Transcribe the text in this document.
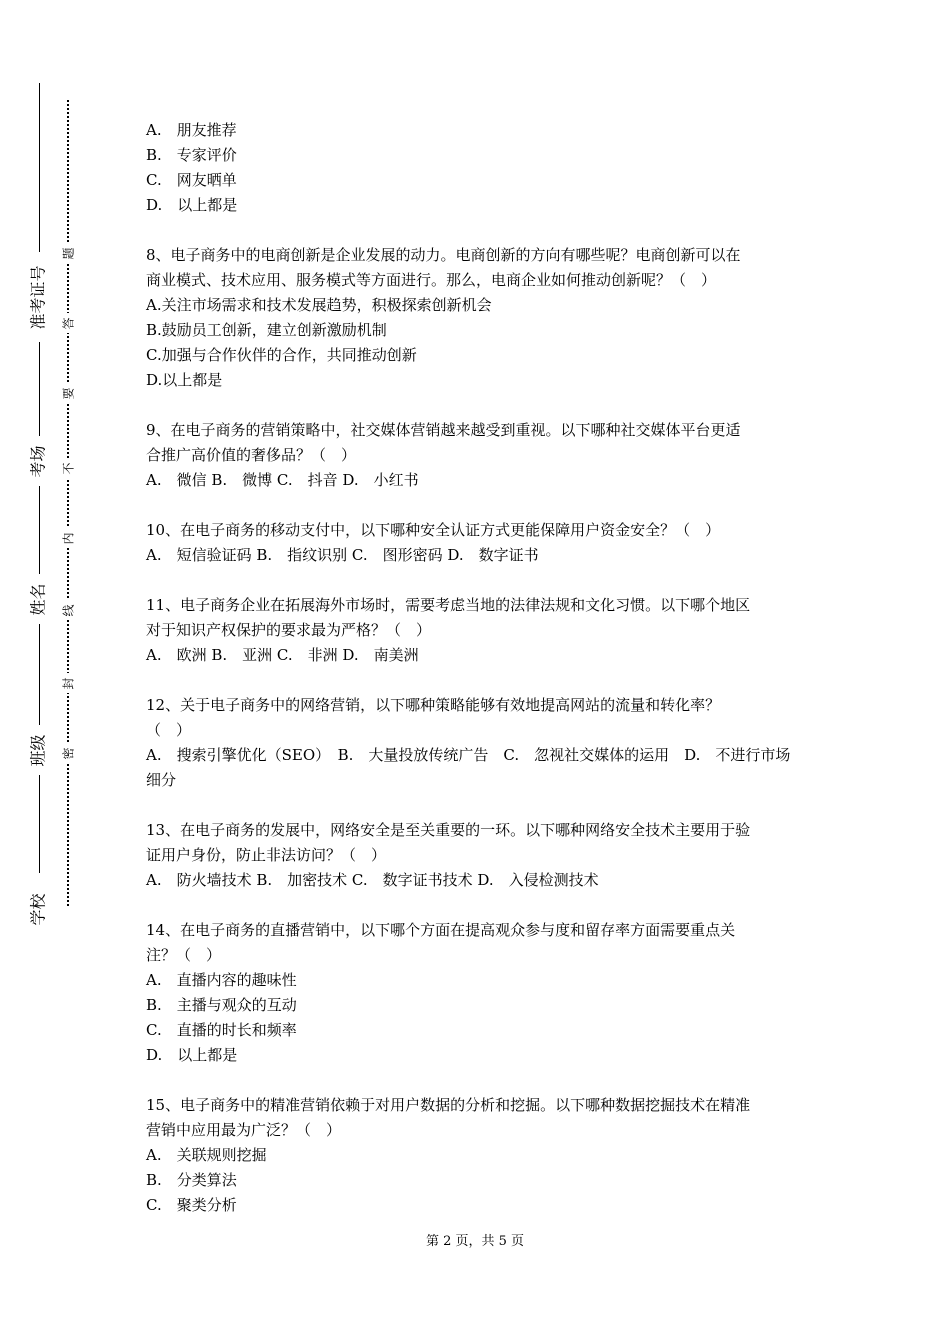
准考证号
考场
姓名
班级
学校
题
答
要
不
内
线
封
密
A.　朋友推荐
B.　专家评价
C.　网友晒单
D.　以上都是
8、电子商务中的电商创新是企业发展的动力。电商创新的方向有哪些呢？电商创新可以在
商业模式、技术应用、服务模式等方面进行。那么，电商企业如何推动创新呢？（　）
A.关注市场需求和技术发展趋势，积极探索创新机会
B.鼓励员工创新，建立创新激励机制
C.加强与合作伙伴的合作，共同推动创新
D.以上都是
9、在电子商务的营销策略中，社交媒体营销越来越受到重视。以下哪种社交媒体平台更适
合推广高价值的奢侈品？（　）
A.　微信 B.　微博 C.　抖音 D.　小红书
10、在电子商务的移动支付中，以下哪种安全认证方式更能保障用户资金安全？（　）
A.　短信验证码 B.　指纹识别 C.　图形密码 D.　数字证书
11、电子商务企业在拓展海外市场时，需要考虑当地的法律法规和文化习惯。以下哪个地区
对于知识产权保护的要求最为严格？（　）
A.　欧洲 B.　亚洲 C.　非洲 D.　南美洲
12、关于电子商务中的网络营销，以下哪种策略能够有效地提高网站的流量和转化率？
（　）
A.　搜索引擎优化（SEO）　B.　大量投放传统广告　C.　忽视社交媒体的运用　D.　不进行市场
细分
13、在电子商务的发展中，网络安全是至关重要的一环。以下哪种网络安全技术主要用于验
证用户身份，防止非法访问？（　）
A.　防火墙技术 B.　加密技术 C.　数字证书技术 D.　入侵检测技术
14、在电子商务的直播营销中，以下哪个方面在提高观众参与度和留存率方面需要重点关
注？（　）
A.　直播内容的趣味性
B.　主播与观众的互动
C.　直播的时长和频率
D.　以上都是
15、电子商务中的精准营销依赖于对用户数据的分析和挖掘。以下哪种数据挖掘技术在精准
营销中应用最为广泛？（　）
A.　关联规则挖掘
B.　分类算法
C.　聚类分析
第 2 页，共 5 页
